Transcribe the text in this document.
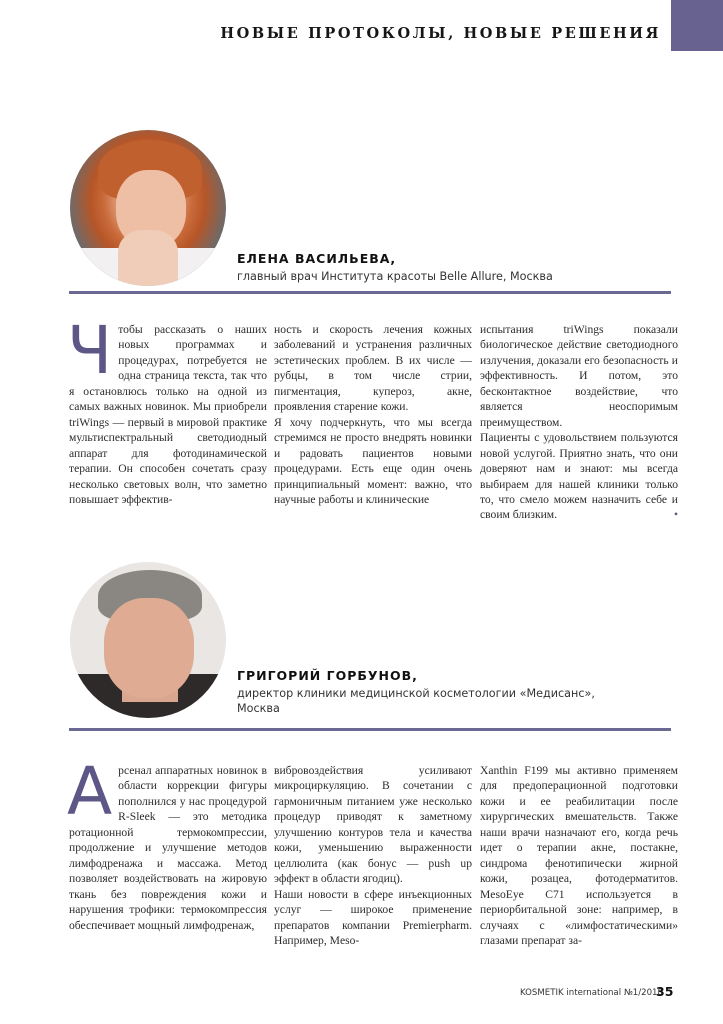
НОВЫЕ ПРОТОКОЛЫ, НОВЫЕ РЕШЕНИЯ
ЕЛЕНА ВАСИЛЬЕВА,
главный врач Института красоты Belle Allure, Москва
Ч тобы рассказать о наших новых программах и процедурах, потребуется не одна страница текста, так что я остановлюсь только на одной из самых важных новинок. Мы приобрели triWings — первый в мировой практике мультиспектральный светодиодный аппарат для фотодинамической терапии. Он способен сочетать сразу несколько световых волн, что заметно повышает эффектив-

ность и скорость лечения кожных заболеваний и устранения различных эстетических проблем. В их числе — рубцы, в том числе стрии, пигментация, купероз, акне, проявления старение кожи.

Я хочу подчеркнуть, что мы всегда стремимся не просто внедрять новинки и радовать пациентов новыми процедурами. Есть еще один очень принципиальный момент: важно, что научные работы и клинические

испытания triWings показали биологическое действие светодиодного излучения, доказали его безопасность и эффективность. И потом, это бесконтактное воздействие, что является неоспоримым преимуществом.

Пациенты с удовольствием пользуются новой услугой. Приятно знать, что они доверяют нам и знают: мы всегда выбираем для нашей клиники только то, что смело можем назначить себе и своим близким.	•

ГРИГОРИЙ ГОРБУНОВ,
директор клиники медицинской косметологии «Медисанс»,
Москва
А рсенал аппаратных новинок в области коррекции фигуры пополнился у нас процедурой R-Sleek — это методика ротационной термокомпрессии, продолжение и улучшение методов лимфодренажа и массажа. Метод позволяет воздействовать на жировую ткань без повреждения кожи и нарушения трофики: термокомпрессия обеспечивает мощный лимфодренаж,

вибровоздействия усиливают микроциркуляцию. В сочетании с гармоничным питанием уже несколько процедур приводят к заметному улучшению контуров тела и качества кожи, уменьшению выраженности целлюлита (как бонус — push up эффект в области ягодиц).

Наши новости в сфере инъекционных услуг — широкое применение препаратов компании Premierpharm. Например, Meso-

Xanthin F199 мы активно применяем для предоперационной подготовки кожи и ее реабилитации после хирургических вмешательств. Также наши врачи назначают его, когда речь идет о терапии акне, постакне, синдрома фенотипически жирной кожи, розацеа, фотодерматитов. MesoEye C71 используется в периорбитальной зоне: например, в случаях с «лимфостатическими» глазами препарат за-

KOSMETIK international №1/2018
35
